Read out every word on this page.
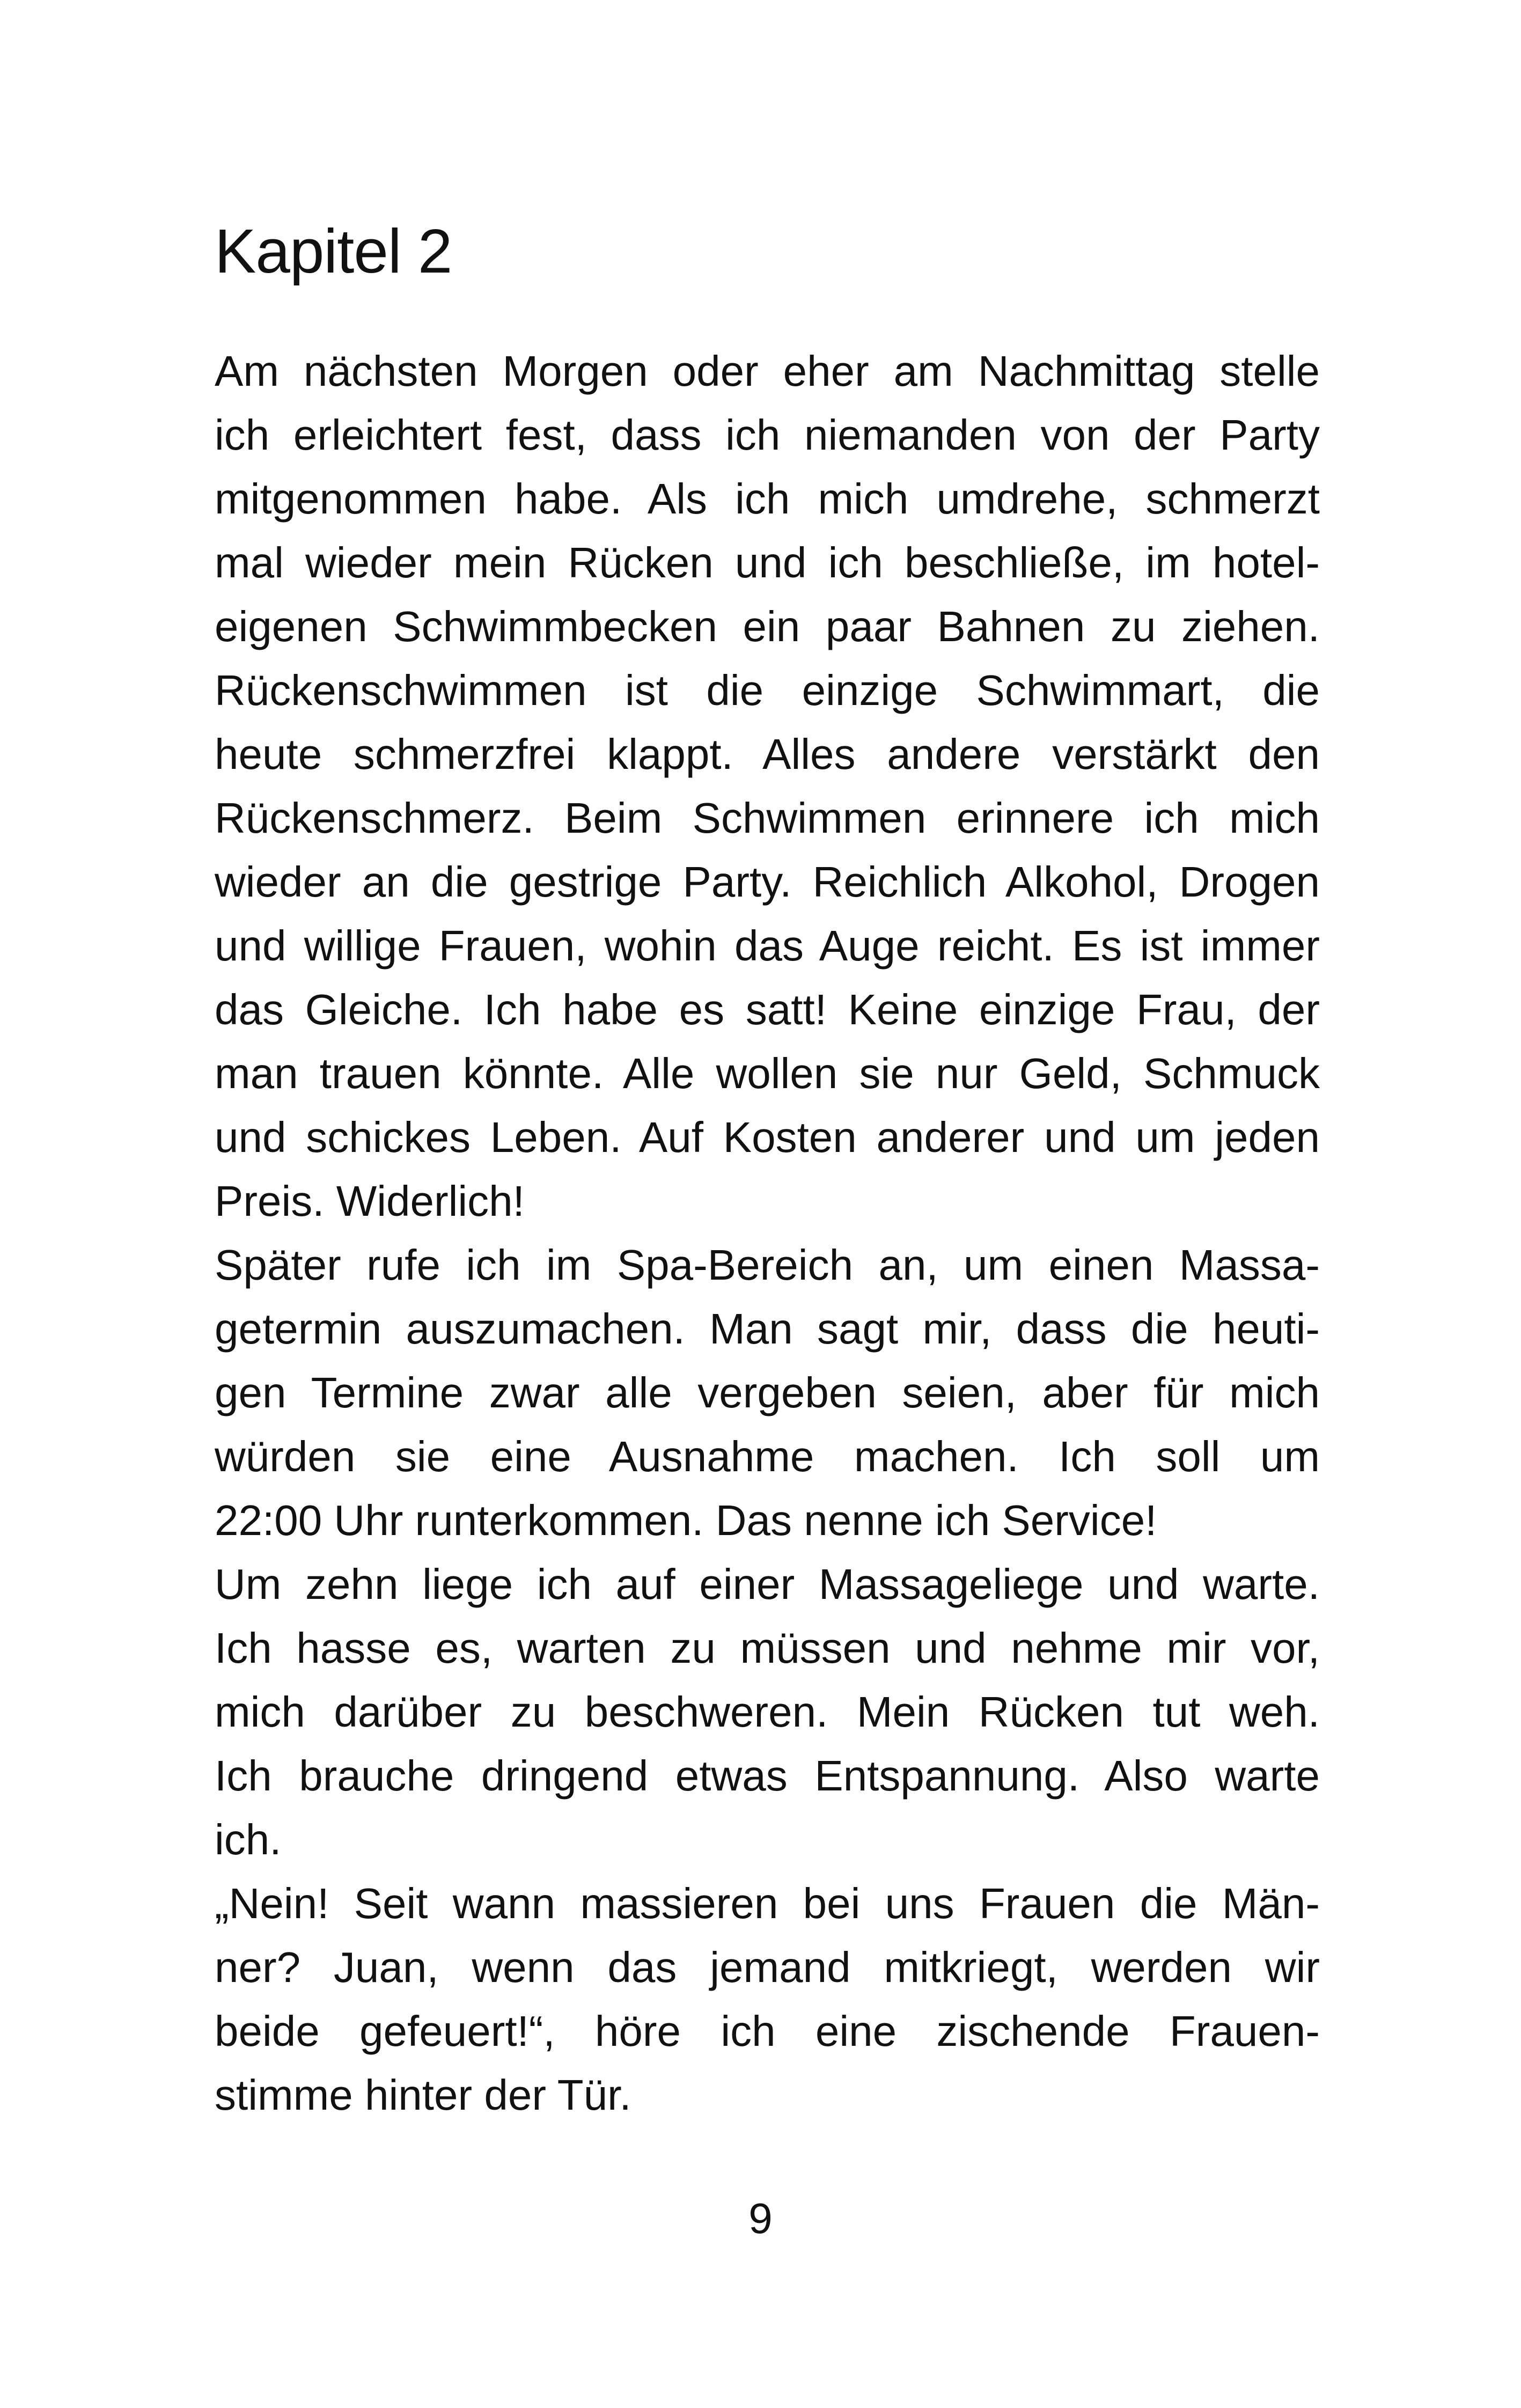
Kapitel 2
Am nächsten Morgen oder eher am Nachmittag stelle
ich erleichtert fest, dass ich niemanden von der Party
mitgenommen habe. Als ich mich umdrehe, schmerzt
mal wieder mein Rücken und ich beschließe, im hotel-
eigenen Schwimmbecken ein paar Bahnen zu ziehen.
Rückenschwimmen ist die einzige Schwimmart, die
heute schmerzfrei klappt. Alles andere verstärkt den
Rückenschmerz. Beim Schwimmen erinnere ich mich
wieder an die gestrige Party. Reichlich Alkohol, Drogen
und willige Frauen, wohin das Auge reicht. Es ist immer
das Gleiche. Ich habe es satt! Keine einzige Frau, der
man trauen könnte. Alle wollen sie nur Geld, Schmuck
und schickes Leben. Auf Kosten anderer und um jeden
Preis. Widerlich!
Später rufe ich im Spa-Bereich an, um einen Massa-
getermin auszumachen. Man sagt mir, dass die heuti-
gen Termine zwar alle vergeben seien, aber für mich
würden sie eine Ausnahme machen. Ich soll um
22:00 Uhr runterkommen. Das nenne ich Service!
Um zehn liege ich auf einer Massageliege und warte.
Ich hasse es, warten zu müssen und nehme mir vor,
mich darüber zu beschweren. Mein Rücken tut weh.
Ich brauche dringend etwas Entspannung. Also warte
ich.
„Nein! Seit wann massieren bei uns Frauen die Män-
ner? Juan, wenn das jemand mitkriegt, werden wir
beide gefeuert!“, höre ich eine zischende Frauen-
stimme hinter der Tür.
9
